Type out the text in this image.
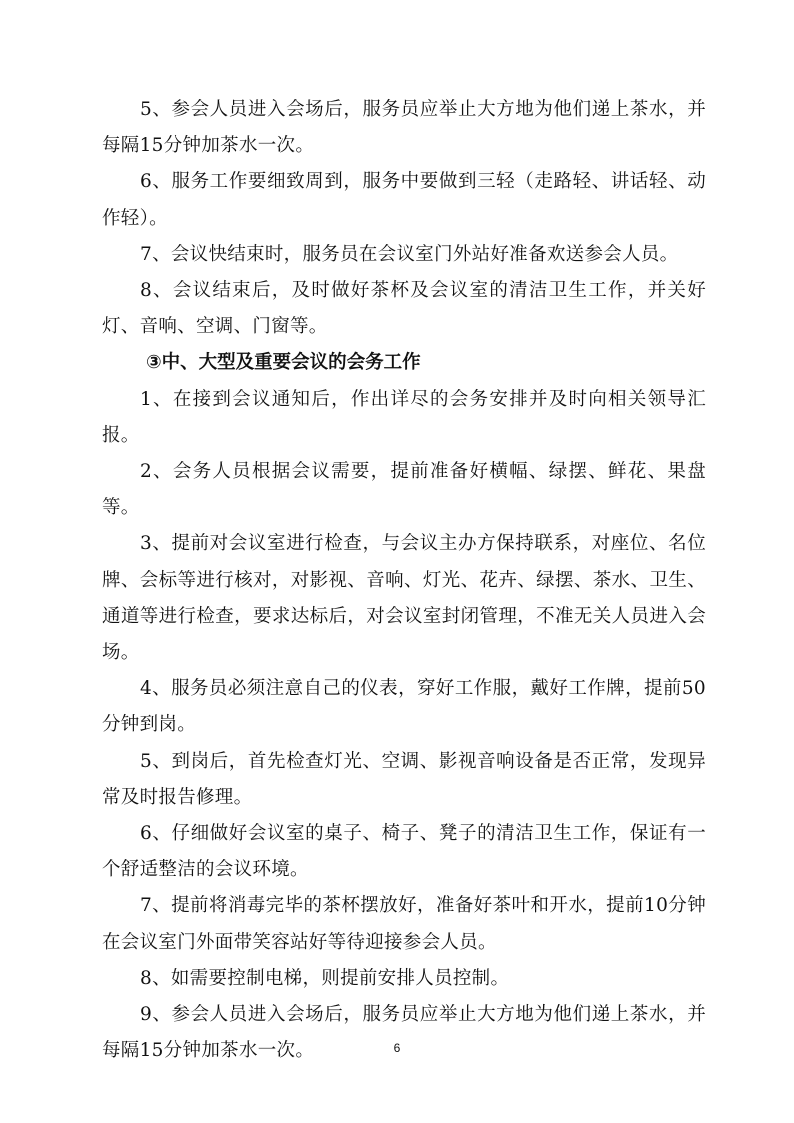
5、参会人员进入会场后，服务员应举止大方地为他们递上茶水，并每隔15分钟加茶水一次。

6、服务工作要细致周到，服务中要做到三轻（走路轻、讲话轻、动作轻）。

7、会议快结束时，服务员在会议室门外站好准备欢送参会人员。

8、会议结束后，及时做好茶杯及会议室的清洁卫生工作，并关好灯、音响、空调、门窗等。

③中、大型及重要会议的会务工作

1、在接到会议通知后，作出详尽的会务安排并及时向相关领导汇报。

2、会务人员根据会议需要，提前准备好横幅、绿摆、鲜花、果盘等。

3、提前对会议室进行检查，与会议主办方保持联系，对座位、名位牌、会标等进行核对，对影视、音响、灯光、花卉、绿摆、茶水、卫生、通道等进行检查，要求达标后，对会议室封闭管理，不准无关人员进入会场。

4、服务员必须注意自己的仪表，穿好工作服，戴好工作牌，提前50分钟到岗。

5、到岗后，首先检查灯光、空调、影视音响设备是否正常，发现异常及时报告修理。

6、仔细做好会议室的桌子、椅子、凳子的清洁卫生工作，保证有一个舒适整洁的会议环境。

7、提前将消毒完毕的茶杯摆放好，准备好茶叶和开水，提前10分钟在会议室门外面带笑容站好等待迎接参会人员。

8、如需要控制电梯，则提前安排人员控制。

9、参会人员进入会场后，服务员应举止大方地为他们递上茶水，并每隔15分钟加茶水一次。	6
